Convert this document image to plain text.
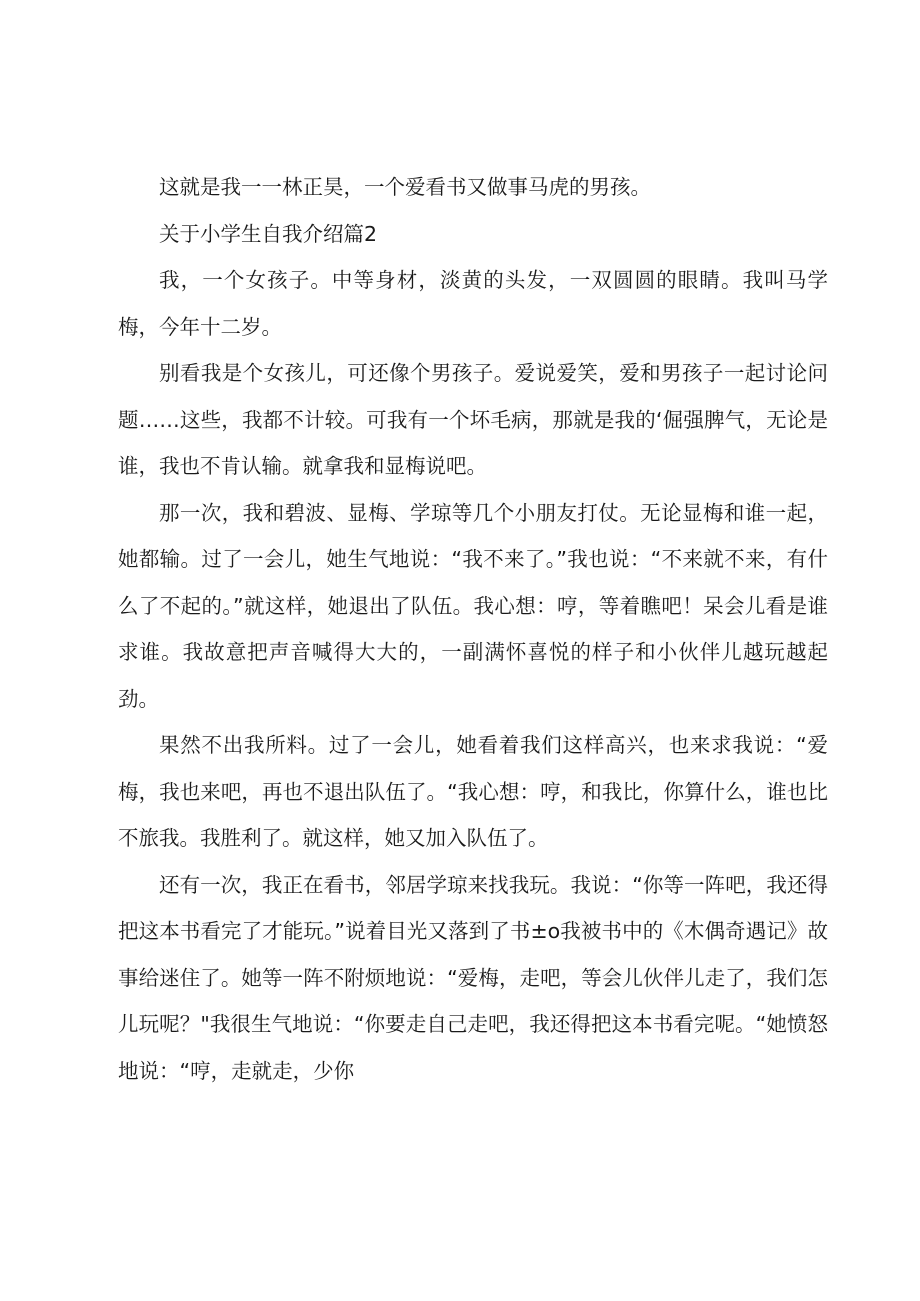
这就是我一一林正昊，一个爱看书又做事马虎的男孩。

关于小学生自我介绍篇2

我，一个女孩子。中等身材，淡黄的头发，一双圆圆的眼睛。我叫马学梅，今年十二岁。

别看我是个女孩儿，可还像个男孩子。爱说爱笑，爱和男孩子一起讨论问题……这些，我都不计较。可我有一个坏毛病，那就是我的‘倔强脾气，无论是谁，我也不肯认输。就拿我和显梅说吧。

那一次，我和碧波、显梅、学琼等几个小朋友打仗。无论显梅和谁一起，她都输。过了一会儿，她生气地说：“我不来了。”我也说：“不来就不来，有什么了不起的。”就这样，她退出了队伍。我心想：哼，等着瞧吧！呆会儿看是谁求谁。我故意把声音喊得大大的，一副满怀喜悦的样子和小伙伴儿越玩越起劲。

果然不出我所料。过了一会儿，她看着我们这样高兴，也来求我说：“爱梅，我也来吧，再也不退出队伍了。“我心想：哼，和我比，你算什么，谁也比不旅我。我胜利了。就这样，她又加入队伍了。

还有一次，我正在看书，邻居学琼来找我玩。我说：“你等一阵吧，我还得把这本书看完了才能玩。”说着目光又落到了书±o我被书中的《木偶奇遇记》故事给迷住了。她等一阵不附烦地说：“爱梅，走吧，等会儿伙伴儿走了，我们怎儿玩呢？"我很生气地说：“你要走自己走吧，我还得把这本书看完呢。“她愤怒地说：“哼，走就走，少你
